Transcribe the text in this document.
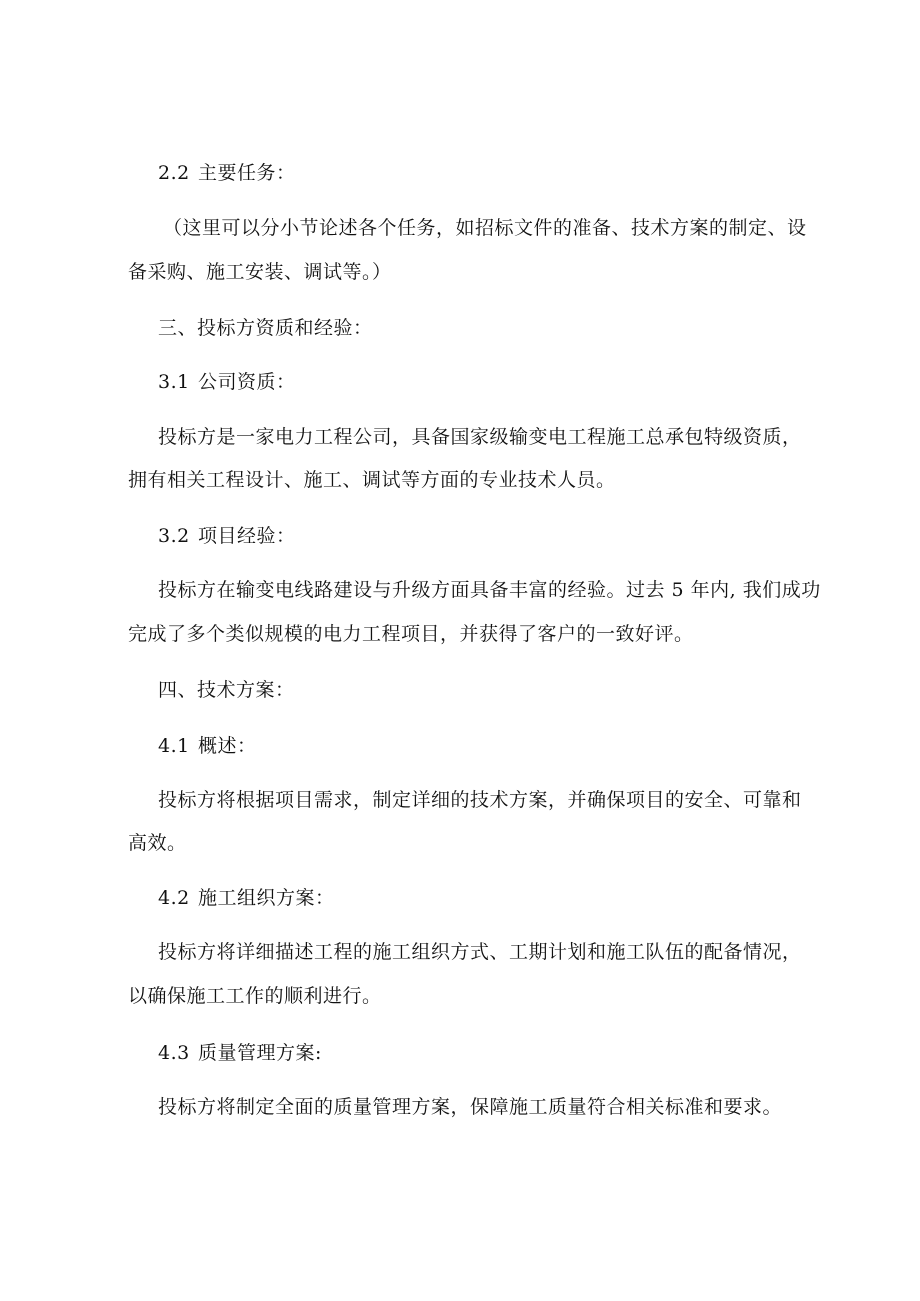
2.2 主要任务：
（这里可以分小节论述各个任务，如招标文件的准备、技术方案的制定、设
备采购、施工安装、调试等。）
三、投标方资质和经验：
3.1 公司资质：
投标方是一家电力工程公司，具备国家级输变电工程施工总承包特级资质，
拥有相关工程设计、施工、调试等方面的专业技术人员。
3.2 项目经验：
投标方在输变电线路建设与升级方面具备丰富的经验。过去 5 年内, 我们成功
完成了多个类似规模的电力工程项目，并获得了客户的一致好评。
四、技术方案：
4.1 概述：
投标方将根据项目需求，制定详细的技术方案，并确保项目的安全、可靠和
高效。
4.2 施工组织方案：
投标方将详细描述工程的施工组织方式、工期计划和施工队伍的配备情况，
以确保施工工作的顺利进行。
4.3 质量管理方案:
投标方将制定全面的质量管理方案，保障施工质量符合相关标准和要求。
